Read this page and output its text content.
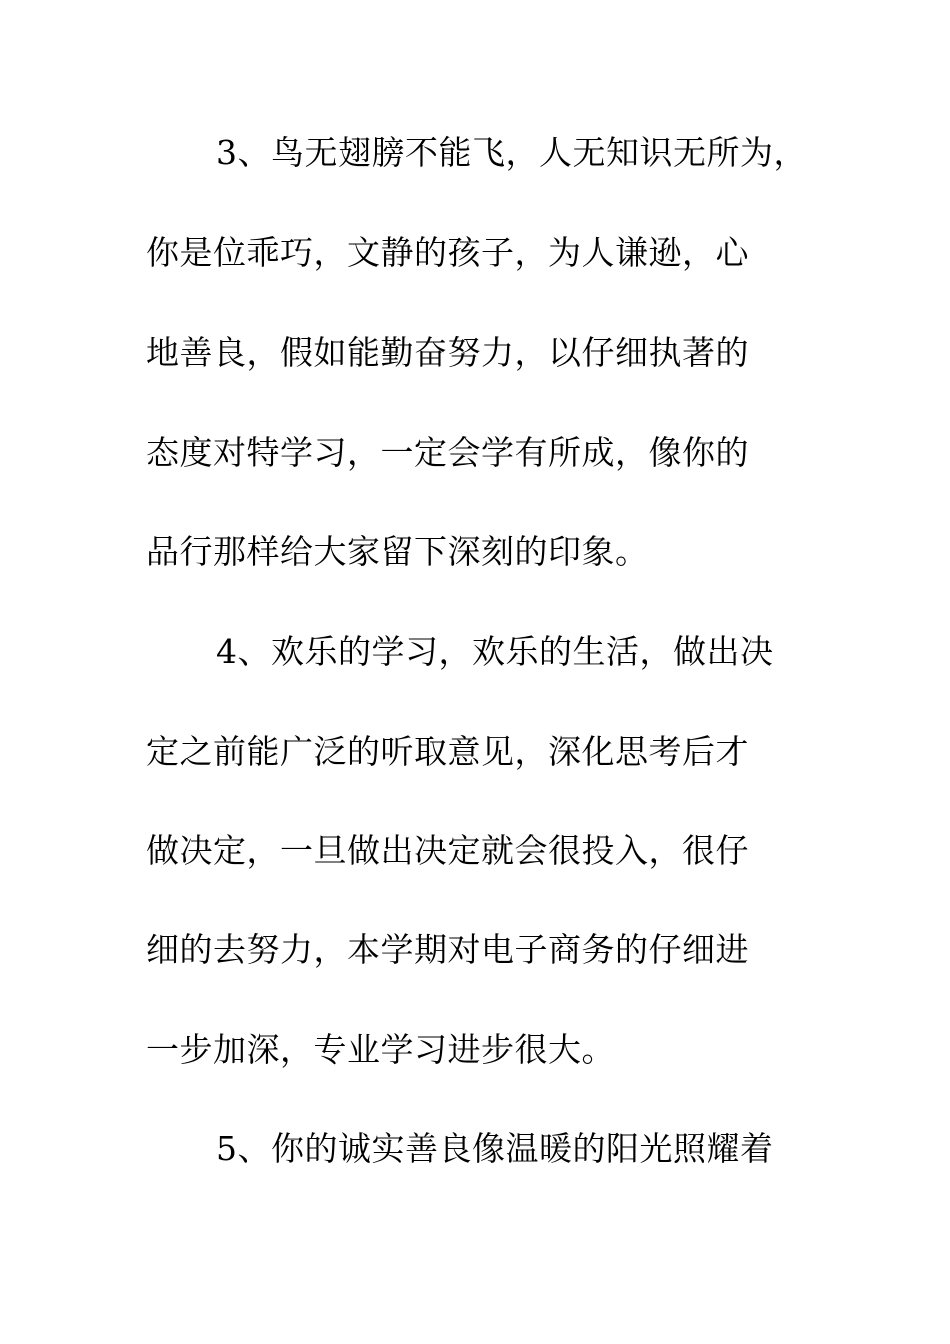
3、鸟无翅膀不能飞，人无知识无所为，
你是位乖巧，文静的孩子，为人谦逊，心
地善良，假如能勤奋努力，以仔细执著的
态度对特学习，一定会学有所成，像你的
品行那样给大家留下深刻的印象。
4、欢乐的学习，欢乐的生活，做出决
定之前能广泛的听取意见，深化思考后才
做决定，一旦做出决定就会很投入，很仔
细的去努力，本学期对电子商务的仔细进
一步加深，专业学习进步很大。
5、你的诚实善良像温暖的阳光照耀着
